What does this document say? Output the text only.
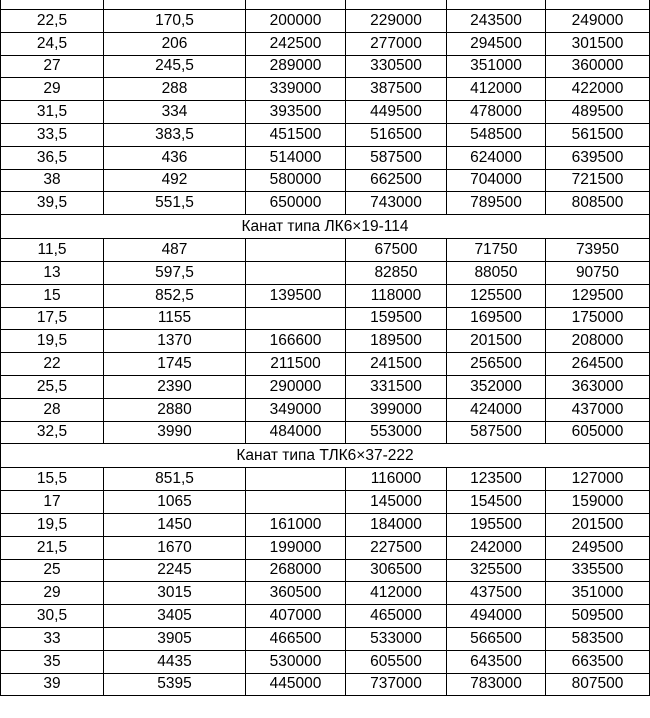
22,5	170,5	200000	229000	243500	249000
24,5	206	242500	277000	294500	301500
27	245,5	289000	330500	351000	360000
29	288	339000	387500	412000	422000
31,5	334	393500	449500	478000	489500
33,5	383,5	451500	516500	548500	561500
36,5	436	514000	587500	624000	639500
38	492	580000	662500	704000	721500
39,5	551,5	650000	743000	789500	808500
Канат типа ЛК6×19-114					
11,5	487		67500	71750	73950
13	597,5		82850	88050	90750
15	852,5	139500	118000	125500	129500
17,5	1155		159500	169500	175000
19,5	1370	166600	189500	201500	208000
22	1745	211500	241500	256500	264500
25,5	2390	290000	331500	352000	363000
28	2880	349000	399000	424000	437000
32,5	3990	484000	553000	587500	605000
Канат типа ТЛК6×37-222					
15,5	851,5		116000	123500	127000
17	1065		145000	154500	159000
19,5	1450	161000	184000	195500	201500
21,5	1670	199000	227500	242000	249500
25	2245	268000	306500	325500	335500
29	3015	360500	412000	437500	351000
30,5	3405	407000	465000	494000	509500
33	3905	466500	533000	566500	583500
35	4435	530000	605500	643500	663500
39	5395	445000	737000	783000	807500
